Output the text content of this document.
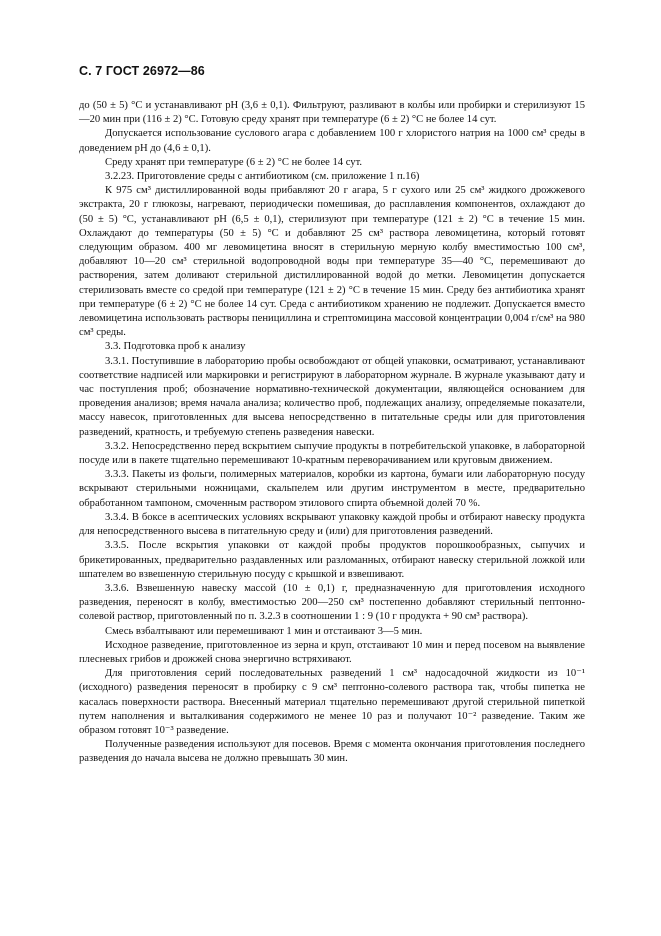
С. 7 ГОСТ 26972—86

до (50 ± 5) °С и устанавливают рН (3,6 ± 0,1). Фильтруют, разливают в колбы или пробирки и стерилизуют 15—20 мин при (116 ± 2) °С. Готовую среду хранят при температуре (6 ± 2) °С не более 14 сут.

Допускается использование суслового агара с добавлением 100 г хлористого натрия на 1000 см³ среды в доведением рН до (4,6 ± 0,1).

Среду хранят при температуре (6 ± 2) °С не более 14 сут.

3.2.23. Приготовление среды с антибиотиком (см. приложение 1 п.16)

К 975 см³ дистиллированной воды прибавляют 20 г агара, 5 г сухого или 25 см³ жидкого дрожжевого экстракта, 20 г глюкозы, нагревают, периодически помешивая, до расплавления компонентов, охлаждают до (50 ± 5) °С, устанавливают рН (6,5 ± 0,1), стерилизуют при температуре (121 ± 2) °С в течение 15 мин. Охлаждают до температуры (50 ± 5) °С и добавляют 25 см³ раствора левомицетина, который готовят следующим образом. 400 мг левомицетина вносят в стерильную мерную колбу вместимостью 100 см³, добавляют 10—20 см³ стерильной водопроводной воды при температуре 35—40 °С, перемешивают до растворения, затем доливают стерильной дистиллированной водой до метки. Левомицетин допускается стерилизовать вместе со средой при температуре (121 ± 2) °С в течение 15 мин. Среду без антибиотика хранят при температуре (6 ± 2) °С не более 14 сут. Среда с антибиотиком хранению не подлежит. Допускается вместо левомицетина использовать растворы пенициллина и стрептомицина массовой концентрации 0,004 г/см³ на 980 см³ среды.

3.3. Подготовка проб к анализу

3.3.1. Поступившие в лабораторию пробы освобождают от общей упаковки, осматривают, устанавливают соответствие надписей или маркировки и регистрируют в лабораторном журнале. В журнале указывают дату и час поступления проб; обозначение нормативно-технической документации, являющейся основанием для проведения анализов; время начала анализа; количество проб, подлежащих анализу, определяемые показатели, массу навесок, приготовленных для высева непосредственно в питательные среды или для приготовления разведений, кратность, и требуемую степень разведения навески.

3.3.2. Непосредственно перед вскрытием сыпучие продукты в потребительской упаковке, в лабораторной посуде или в пакете тщательно перемешивают 10-кратным переворачиванием или круговым движением.

3.3.3. Пакеты из фольги, полимерных материалов, коробки из картона, бумаги или лабораторную посуду вскрывают стерильными ножницами, скальпелем или другим инструментом в месте, предварительно обработанном тампоном, смоченным раствором этилового спирта объемной долей 70 %.

3.3.4. В боксе в асептических условиях вскрывают упаковку каждой пробы и отбирают навеску продукта для непосредственного высева в питательную среду и (или) для приготовления разведений.

3.3.5. После вскрытия упаковки от каждой пробы продуктов порошкообразных, сыпучих и брикетированных, предварительно раздавленных или разломанных, отбирают навеску стерильной ложкой или шпателем во взвешенную стерильную посуду с крышкой и взвешивают.

3.3.6. Взвешенную навеску массой (10 ± 0,1) г, предназначенную для приготовления исходного разведения, переносят в колбу, вместимостью 200—250 см³ постепенно добавляют стерильный пептонно-солевой раствор, приготовленный по п. 3.2.3 в соотношении 1 : 9 (10 г продукта + 90 см³ раствора).

Смесь взбалтывают или перемешивают 1 мин и отстаивают 3—5 мин.

Исходное разведение, приготовленное из зерна и круп, отстаивают 10 мин и перед посевом на выявление плесневых грибов и дрожжей снова энергично встряхивают.

Для приготовления серий последовательных разведений 1 см³ надосадочной жидкости из 10⁻¹ (исходного) разведения переносят в пробирку с 9 см³ пептонно-солевого раствора так, чтобы пипетка не касалась поверхности раствора. Внесенный материал тщательно перемешивают другой стерильной пипеткой путем наполнения и выталкивания содержимого не менее 10 раз и получают 10⁻² разведение. Таким же образом готовят 10⁻³ разведение.

Полученные разведения используют для посевов. Время с момента окончания приготовления последнего разведения до начала высева не должно превышать 30 мин.
